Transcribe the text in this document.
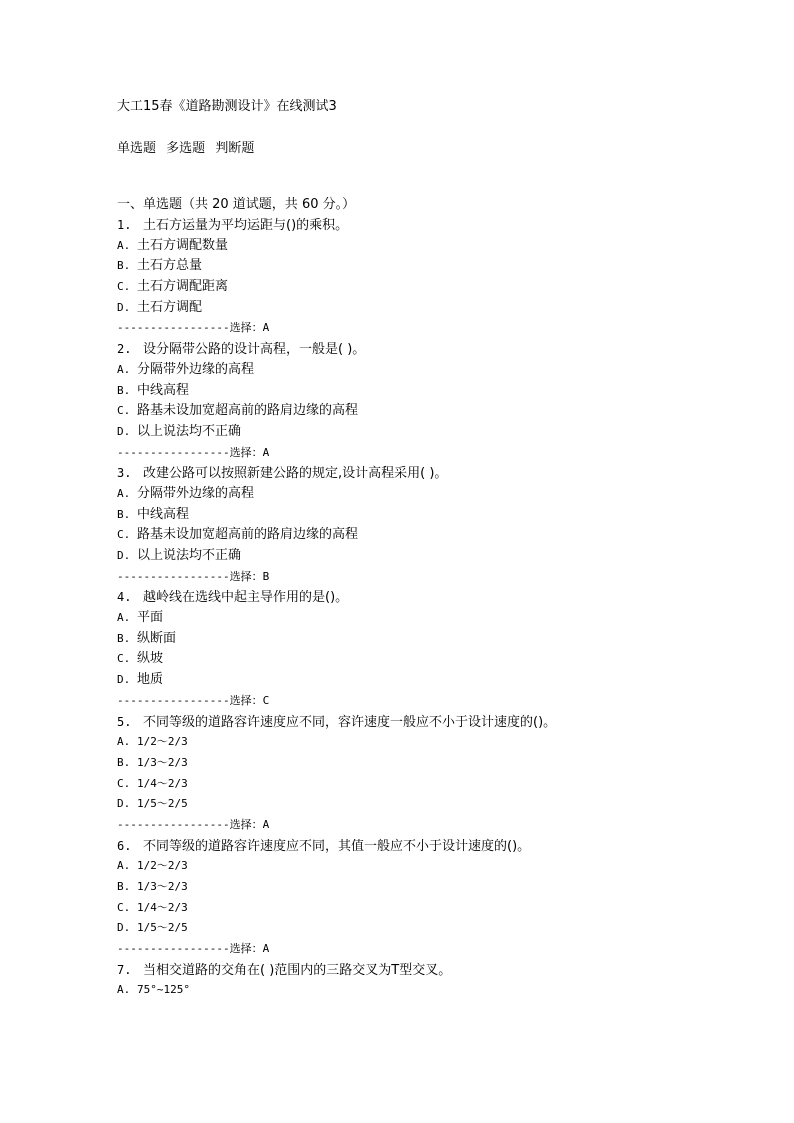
大工15春《道路勘测设计》在线测试3
单选题 多选题 判断题
一、单选题（共 20 道试题，共 60 分。）
1. 土石方运量为平均运距与()的乘积。
A. 土石方调配数量
B. 土石方总量
C. 土石方调配距离
D. 土石方调配
-----------------选择：A
2. 设分隔带公路的设计高程，一般是( )。
A. 分隔带外边缘的高程
B. 中线高程
C. 路基未设加宽超高前的路肩边缘的高程
D. 以上说法均不正确
-----------------选择：A
3. 改建公路可以按照新建公路的规定,设计高程采用( )。
A. 分隔带外边缘的高程
B. 中线高程
C. 路基未设加宽超高前的路肩边缘的高程
D. 以上说法均不正确
-----------------选择：B
4. 越岭线在选线中起主导作用的是()。
A. 平面
B. 纵断面
C. 纵坡
D. 地质
-----------------选择：C
5. 不同等级的道路容许速度应不同，容许速度一般应不小于设计速度的()。
A. 1/2～2/3
B. 1/3～2/3
C. 1/4～2/3
D. 1/5～2/5
-----------------选择：A
6. 不同等级的道路容许速度应不同，其值一般应不小于设计速度的()。
A. 1/2～2/3
B. 1/3～2/3
C. 1/4～2/3
D. 1/5～2/5
-----------------选择：A
7. 当相交道路的交角在( )范围内的三路交叉为T型交叉。
A. 75°~125°
